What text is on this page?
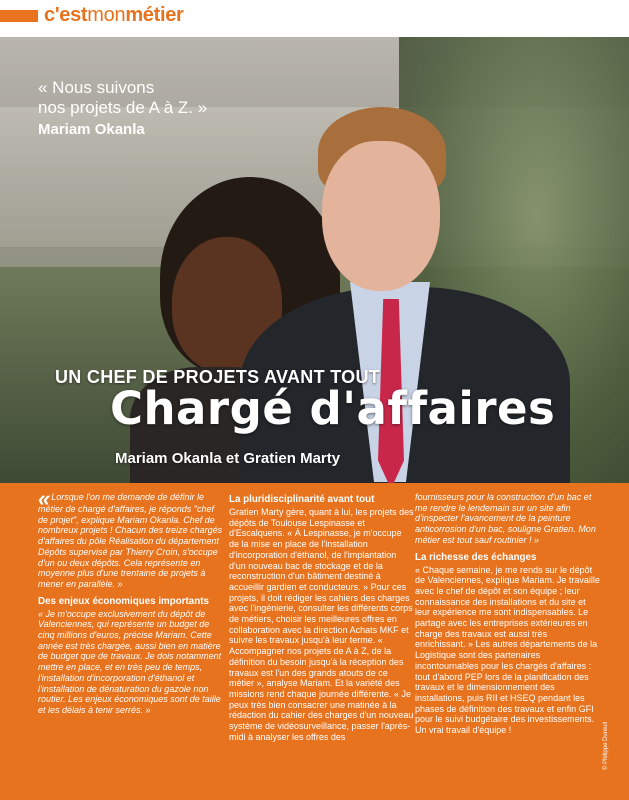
c'estmonmétier
« Nous suivons
nos projets de A à Z. »
Mariam Okanla
UN CHEF DE PROJETS AVANT TOUT
Chargé d'affaires
Mariam Okanla et Gratien Marty

«Lorsque l'on me demande de définir le métier de chargé d'affaires, je réponds "chef de projet", explique Mariam Okanla. Chef de nombreux projets ! Chacun des treize chargés d'affaires du pôle Réalisation du département Dépôts supervisé par Thierry Croin, s'occupe d'un ou deux dépôts. Cela représente en moyenne plus d'une trentaine de projets à mener en parallèle. »

Des enjeux économiques importants

« Je m'occupe exclusivement du dépôt de Valenciennes, qui représente un budget de cinq millions d'euros, précise Mariam. Cette année est très chargée, aussi bien en matière de budget que de travaux. Je dois notamment mettre en place, et en très peu de temps, l'installation d'incorporation d'éthanol et l'installation de dénaturation du gazole non routier. Les enjeux économiques sont de taille et les délais à tenir serrés. »

La pluridisciplinarité avant tout

Gratien Marty gère, quant à lui, les projets des dépôts de Toulouse Lespinasse et d'Escalquens. « À Lespinasse, je m'occupe de la mise en place de l'installation d'incorporation d'éthanol, de l'implantation d'un nouveau bac de stockage et de la reconstruction d'un bâtiment destiné à accueillir gardien et conducteurs. » Pour ces projets, il doit rédiger les cahiers des charges avec l'ingénierie, consulter les différents corps de métiers, choisir les meilleures offres en collaboration avec la direction Achats MKF et suivre les travaux jusqu'à leur terme. « Accompagner nos projets de A à Z, de la définition du besoin jusqu'à la réception des travaux est l'un des grands atouts de ce métier », analyse Mariam. Et la variété des missions rend chaque journée différente. « Je peux très bien consacrer une matinée à la rédaction du cahier des charges d'un nouveau système de vidéosurveillance, passer l'après-midi à analyser les offres des

fournisseurs pour la construction d'un bac et me rendre le lendemain sur un site afin d'inspecter l'avancement de la peinture anticorrosion d'un bac, souligne Gratien. Mon métier est tout sauf routinier ! »

La richesse des échanges

« Chaque semaine, je me rends sur le dépôt de Valenciennes, explique Mariam. Je travaille avec le chef de dépôt et son équipe ; leur connaissance des installations et du site et leur expérience me sont indispensables. Le partage avec les entreprises extérieures en charge des travaux est aussi très enrichissant. » Les autres départements de la Logistique sont des partenaires incontournables pour les chargés d'affaires : tout d'abord PEP lors de la planification des travaux et le dimensionnement des installations, puis RII et HSEQ pendant les phases de définition des travaux et enfin GFI pour le suivi budgétaire des investissements. Un vrai travail d'équipe !	© Philippe Dureuil
